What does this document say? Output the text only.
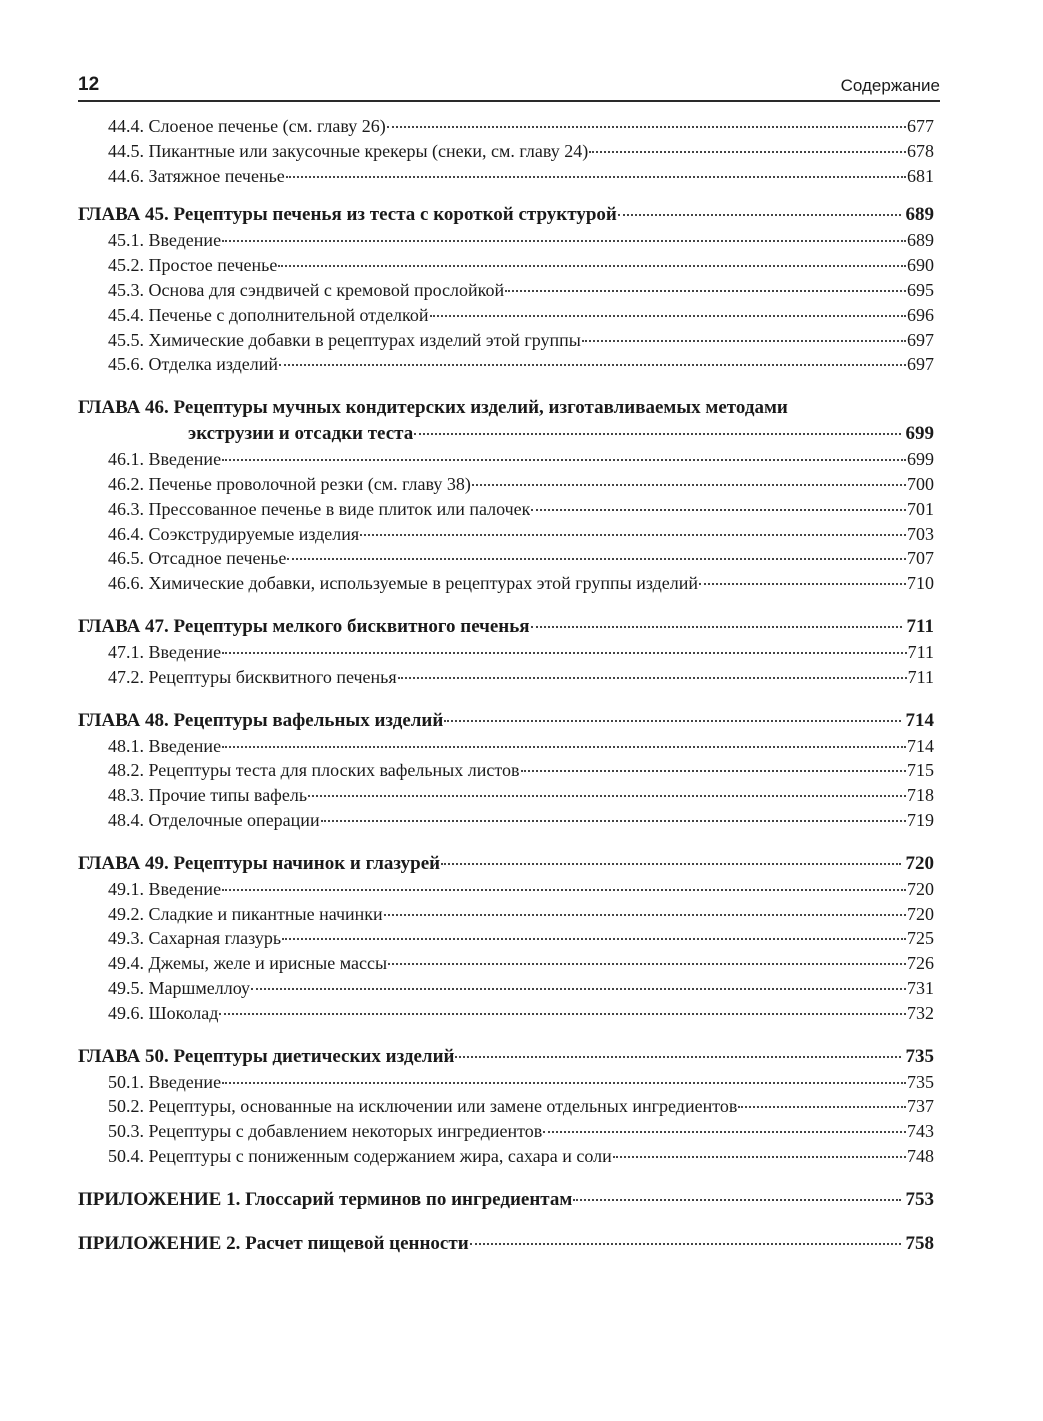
12	Содержание
44.4. Слоеное печенье (см. главу 26)	677
44.5. Пикантные или закусочные крекеры (снеки, см. главу 24)	678
44.6. Затяжное печенье	681
ГЛАВА 45. Рецептуры печенья из теста с короткой структурой	689
45.1. Введение	689
45.2. Простое печенье	690
45.3. Основа для сэндвичей с кремовой прослойкой	695
45.4. Печенье с дополнительной отделкой	696
45.5. Химические добавки в рецептурах изделий этой группы	697
45.6. Отделка изделий	697
ГЛАВА 46. Рецептуры мучных кондитерских изделий, изготавливаемых методами
экструзии и отсадки теста	699
46.1. Введение	699
46.2. Печенье проволочной резки (см. главу 38)	700
46.3. Прессованное печенье в виде плиток или палочек	701
46.4. Соэкструдируемые изделия	703
46.5. Отсадное печенье	707
46.6. Химические добавки, используемые в рецептурах этой группы изделий	710
ГЛАВА 47. Рецептуры мелкого бисквитного печенья	711
47.1. Введение	711
47.2. Рецептуры бисквитного печенья	711
ГЛАВА 48. Рецептуры вафельных изделий	714
48.1. Введение	714
48.2. Рецептуры теста для плоских вафельных листов	715
48.3. Прочие типы вафель	718
48.4. Отделочные операции	719
ГЛАВА 49. Рецептуры начинок и глазурей	720
49.1. Введение	720
49.2. Сладкие и пикантные начинки	720
49.3. Сахарная глазурь	725
49.4. Джемы, желе и ирисные массы	726
49.5. Маршмеллоу	731
49.6. Шоколад	732
ГЛАВА 50. Рецептуры диетических изделий	735
50.1. Введение	735
50.2. Рецептуры, основанные на исключении или замене отдельных ингредиентов	737
50.3. Рецептуры с добавлением некоторых ингредиентов	743
50.4. Рецептуры с пониженным содержанием жира, сахара и соли	748
ПРИЛОЖЕНИЕ 1. Глоссарий терминов по ингредиентам	753
ПРИЛОЖЕНИЕ 2. Расчет пищевой ценности	758
